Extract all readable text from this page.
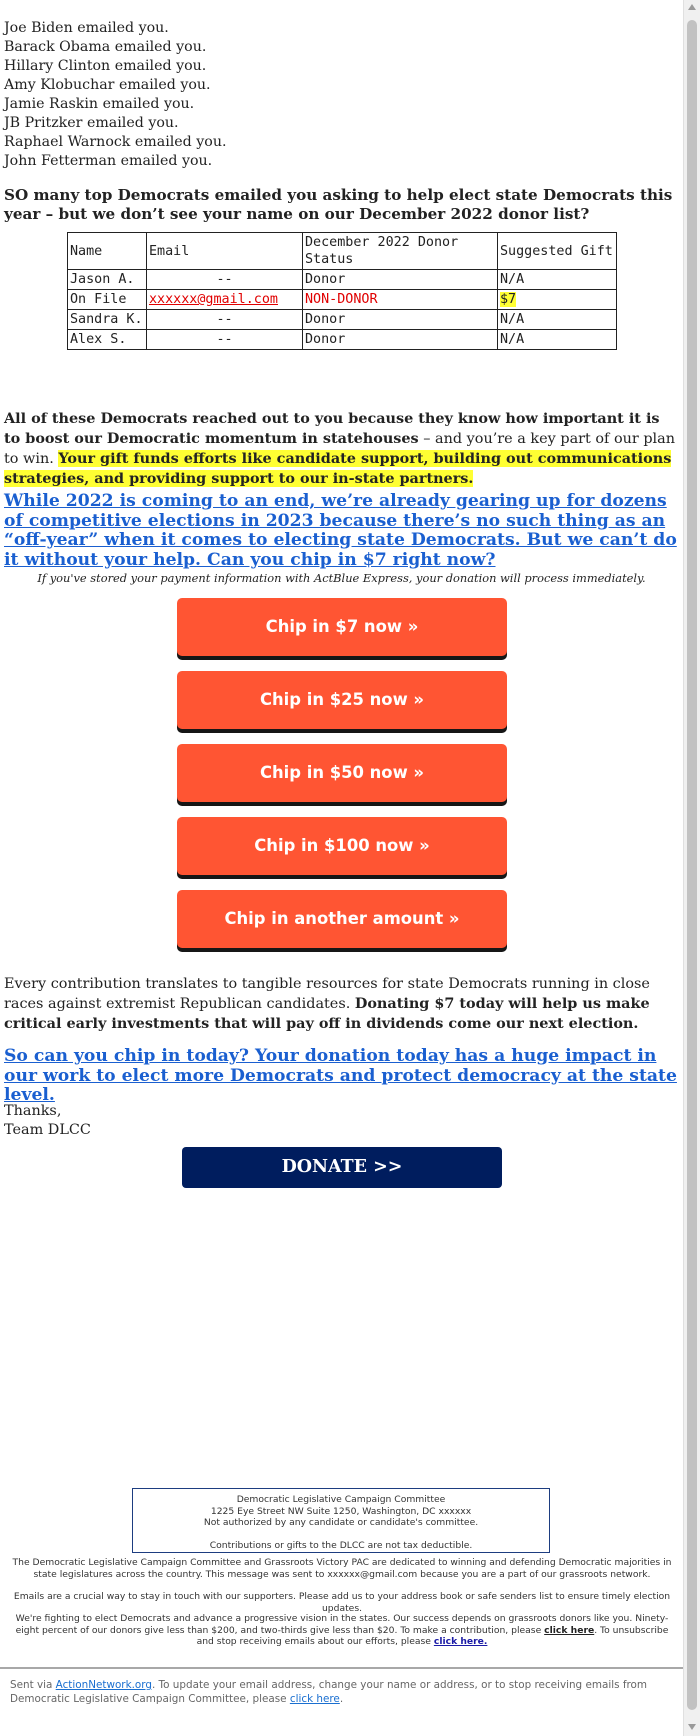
Joe Biden emailed you.
Barack Obama emailed you.
Hillary Clinton emailed you.
Amy Klobuchar emailed you.
Jamie Raskin emailed you.
JB Pritzker emailed you.
Raphael Warnock emailed you.
John Fetterman emailed you.
SO many top Democrats emailed you asking to help elect state Democrats this year – but we don’t see your name on our December 2022 donor list?
Name	Email	December 2022 Donor Status	Suggested Gift
Jason A.	--	Donor	N/A
On File	xxxxxx@gmail.com	NON-DONOR	$7
Sandra K.	--	Donor	N/A
Alex S.	--	Donor	N/A
All of these Democrats reached out to you because they know how important it is to boost our Democratic momentum in statehouses – and you’re a key part of our plan to win. Your gift funds efforts like candidate support, building out communications strategies, and providing support to our in-state partners.
While 2022 is coming to an end, we’re already gearing up for dozens of competitive elections in 2023 because there’s no such thing as an “off-year” when it comes to electing state Democrats. But we can’t do it without your help. Can you chip in $7 right now?
If you've stored your payment information with ActBlue Express, your donation will process immediately.
Chip in $7 now »
Chip in $25 now »
Chip in $50 now »
Chip in $100 now »
Chip in another amount »
Every contribution translates to tangible resources for state Democrats running in close races against extremist Republican candidates. Donating $7 today will help us make critical early investments that will pay off in dividends come our next election.
So can you chip in today? Your donation today has a huge impact in our work to elect more Democrats and protect democracy at the state level.
Thanks,
Team DLCC
DONATE >>
Democratic Legislative Campaign Committee
1225 Eye Street NW Suite 1250, Washington, DC xxxxxx
Not authorized by any candidate or candidate's committee.
Contributions or gifts to the DLCC are not tax deductible.
The Democratic Legislative Campaign Committee and Grassroots Victory PAC are dedicated to winning and defending Democratic majorities in state legislatures across the country. This message was sent to xxxxxx@gmail.com because you are a part of our grassroots network.
Emails are a crucial way to stay in touch with our supporters. Please add us to your address book or safe senders list to ensure timely election updates.
We're fighting to elect Democrats and advance a progressive vision in the states. Our success depends on grassroots donors like you. Ninety-eight percent of our donors give less than $200, and two-thirds give less than $20. To make a contribution, please click here. To unsubscribe and stop receiving emails about our efforts, please click here.
Sent via ActionNetwork.org. To update your email address, change your name or address, or to stop receiving emails from Democratic Legislative Campaign Committee, please click here.
